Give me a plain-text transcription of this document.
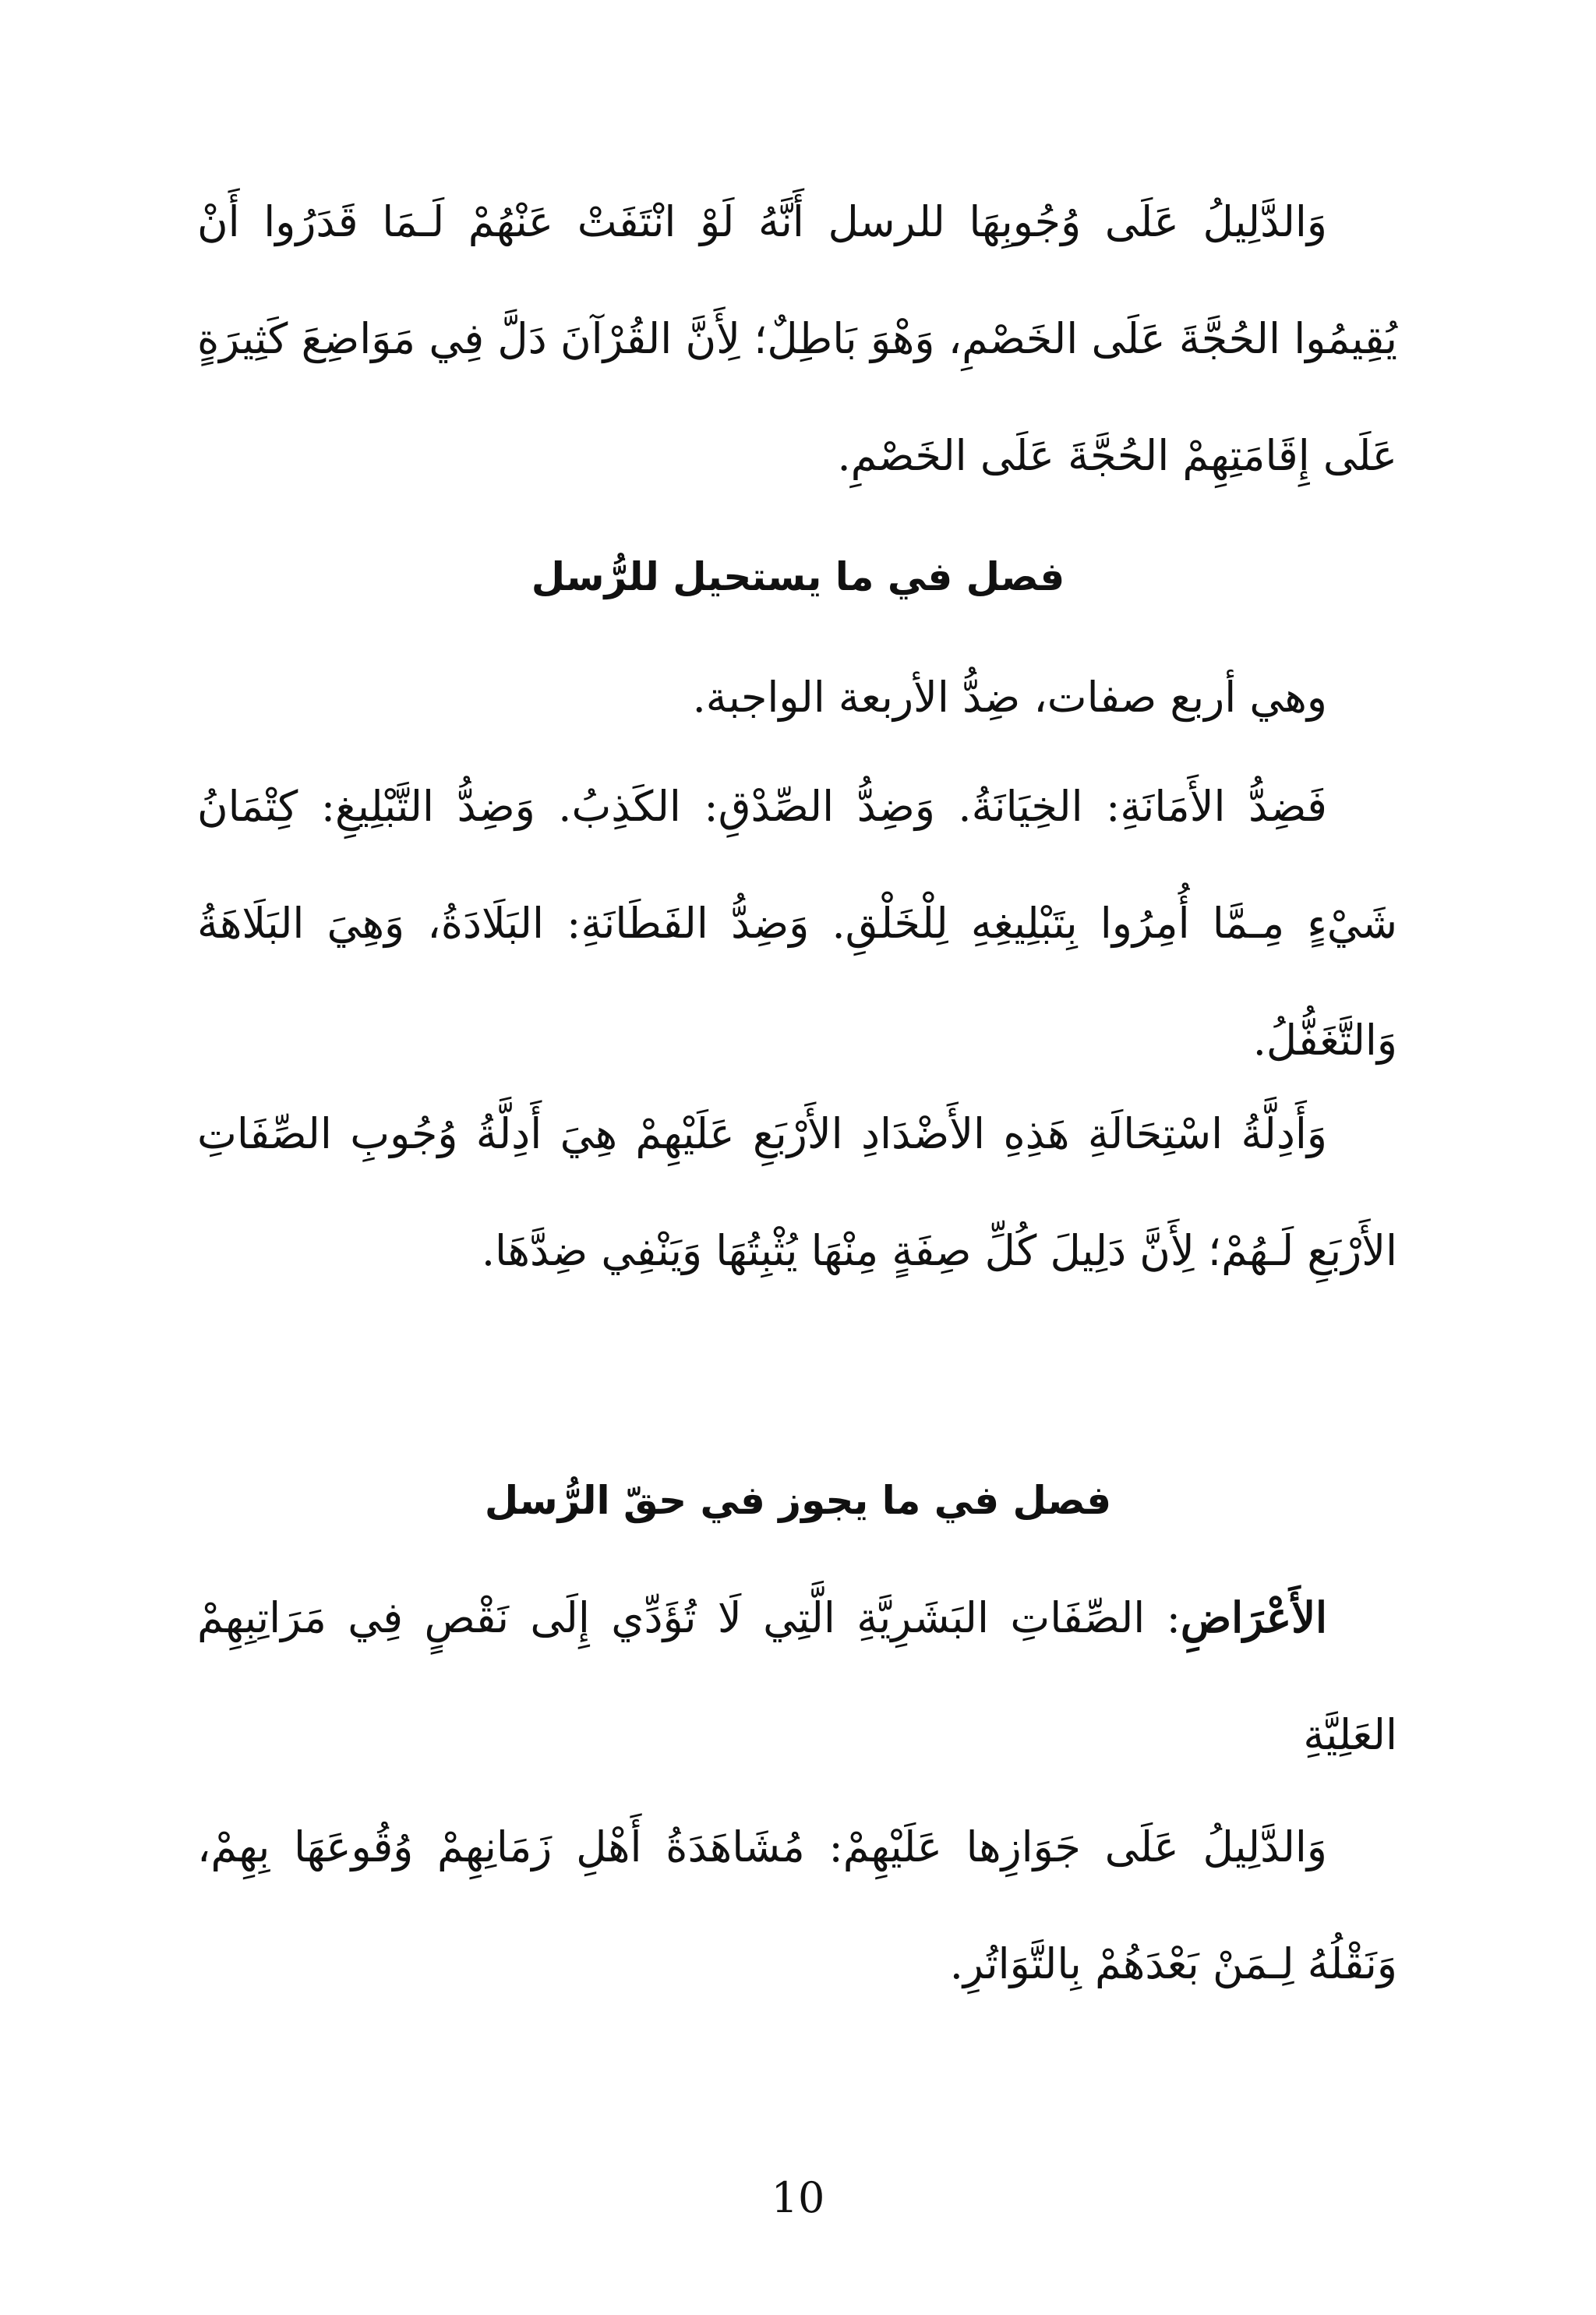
وَالدَّلِيلُ عَلَى وُجُوبِهَا للرسل أَنَّهُ لَوْ انْتَفَتْ عَنْهُمْ لَـمَا قَدَرُوا أَنْ يُقِيمُوا الحُجَّةَ عَلَى الخَصْمِ، وَهْوَ بَاطِلٌ؛ لِأَنَّ القُرْآنَ دَلَّ فِي مَوَاضِعَ كَثِيرَةٍ عَلَى إِقَامَتِهِمْ الحُجَّةَ عَلَى الخَصْمِ.
فصل في ما يستحيل للرُّسل
وهي أربع صفات، ضِدُّ الأربعة الواجبة.
فَضِدُّ الأَمَانَةِ: الخِيَانَةُ. وَضِدُّ الصِّدْقِ: الكَذِبُ. وَضِدُّ التَّبْلِيغِ: كِتْمَانُ شَيْءٍ مِـمَّا أُمِرُوا بِتَبْلِيغِهِ لِلْخَلْقِ. وَضِدُّ الفَطَانَةِ: البَلَادَةُ، وَهِيَ البَلَاهَةُ وَالتَّغَفُّلُ.
وَأَدِلَّةُ اسْتِحَالَةِ هَذِهِ الأَضْدَادِ الأَرْبَعِ عَلَيْهِمْ هِيَ أَدِلَّةُ وُجُوبِ الصِّفَاتِ الأَرْبَعِ لَـهُمْ؛ لِأَنَّ دَلِيلَ كُلِّ صِفَةٍ مِنْهَا يُثْبِتُهَا وَيَنْفِي ضِدَّهَا.
فصل في ما يجوز في حقّ الرُّسل
الأَعْرَاضِ: الصِّفَاتِ البَشَرِيَّةِ الَّتِي لَا تُؤَدِّي إِلَى نَقْصٍ فِي مَرَاتِبِهِمْ العَلِيَّةِ
وَالدَّلِيلُ عَلَى جَوَازِها عَلَيْهِمْ: مُشَاهَدَةُ أَهْلِ زَمَانِهِمْ وُقُوعَهَا بِهِمْ، وَنَقْلُهُ لِـمَنْ بَعْدَهُمْ بِالتَّوَاتُرِ.
10
